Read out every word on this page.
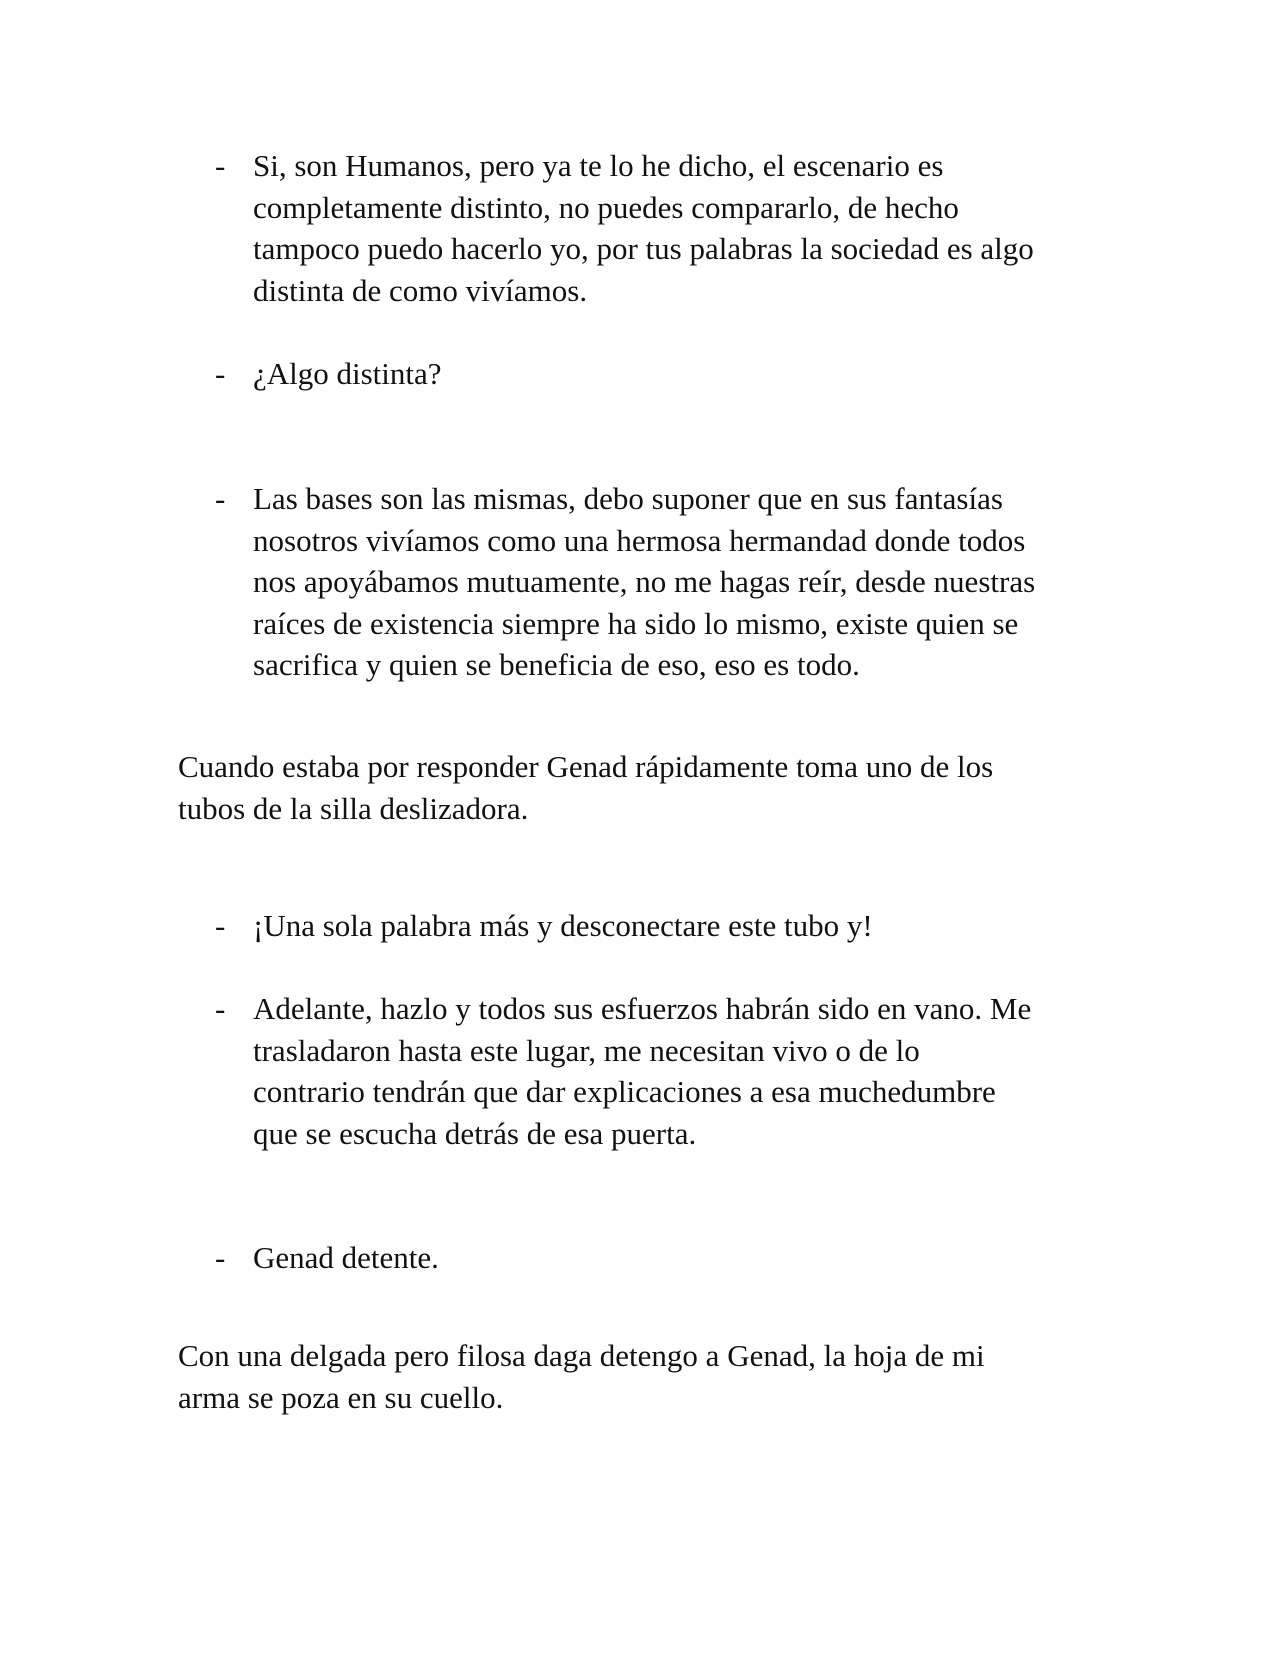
- Si, son Humanos, pero ya te lo he dicho, el escenario es
completamente distinto, no puedes compararlo, de hecho
tampoco puedo hacerlo yo, por tus palabras la sociedad es algo
distinta de como vivíamos.
- ¿Algo distinta?
- Las bases son las mismas, debo suponer que en sus fantasías
nosotros vivíamos como una hermosa hermandad donde todos
nos apoyábamos mutuamente, no me hagas reír, desde nuestras
raíces de existencia siempre ha sido lo mismo, existe quien se
sacrifica y quien se beneficia de eso, eso es todo.
Cuando estaba por responder Genad rápidamente toma uno de los
tubos de la silla deslizadora.
- ¡Una sola palabra más y desconectare este tubo y!
- Adelante, hazlo y todos sus esfuerzos habrán sido en vano. Me
trasladaron hasta este lugar, me necesitan vivo o de lo
contrario tendrán que dar explicaciones a esa muchedumbre
que se escucha detrás de esa puerta.
- Genad detente.
Con una delgada pero filosa daga detengo a Genad, la hoja de mi
arma se poza en su cuello.
